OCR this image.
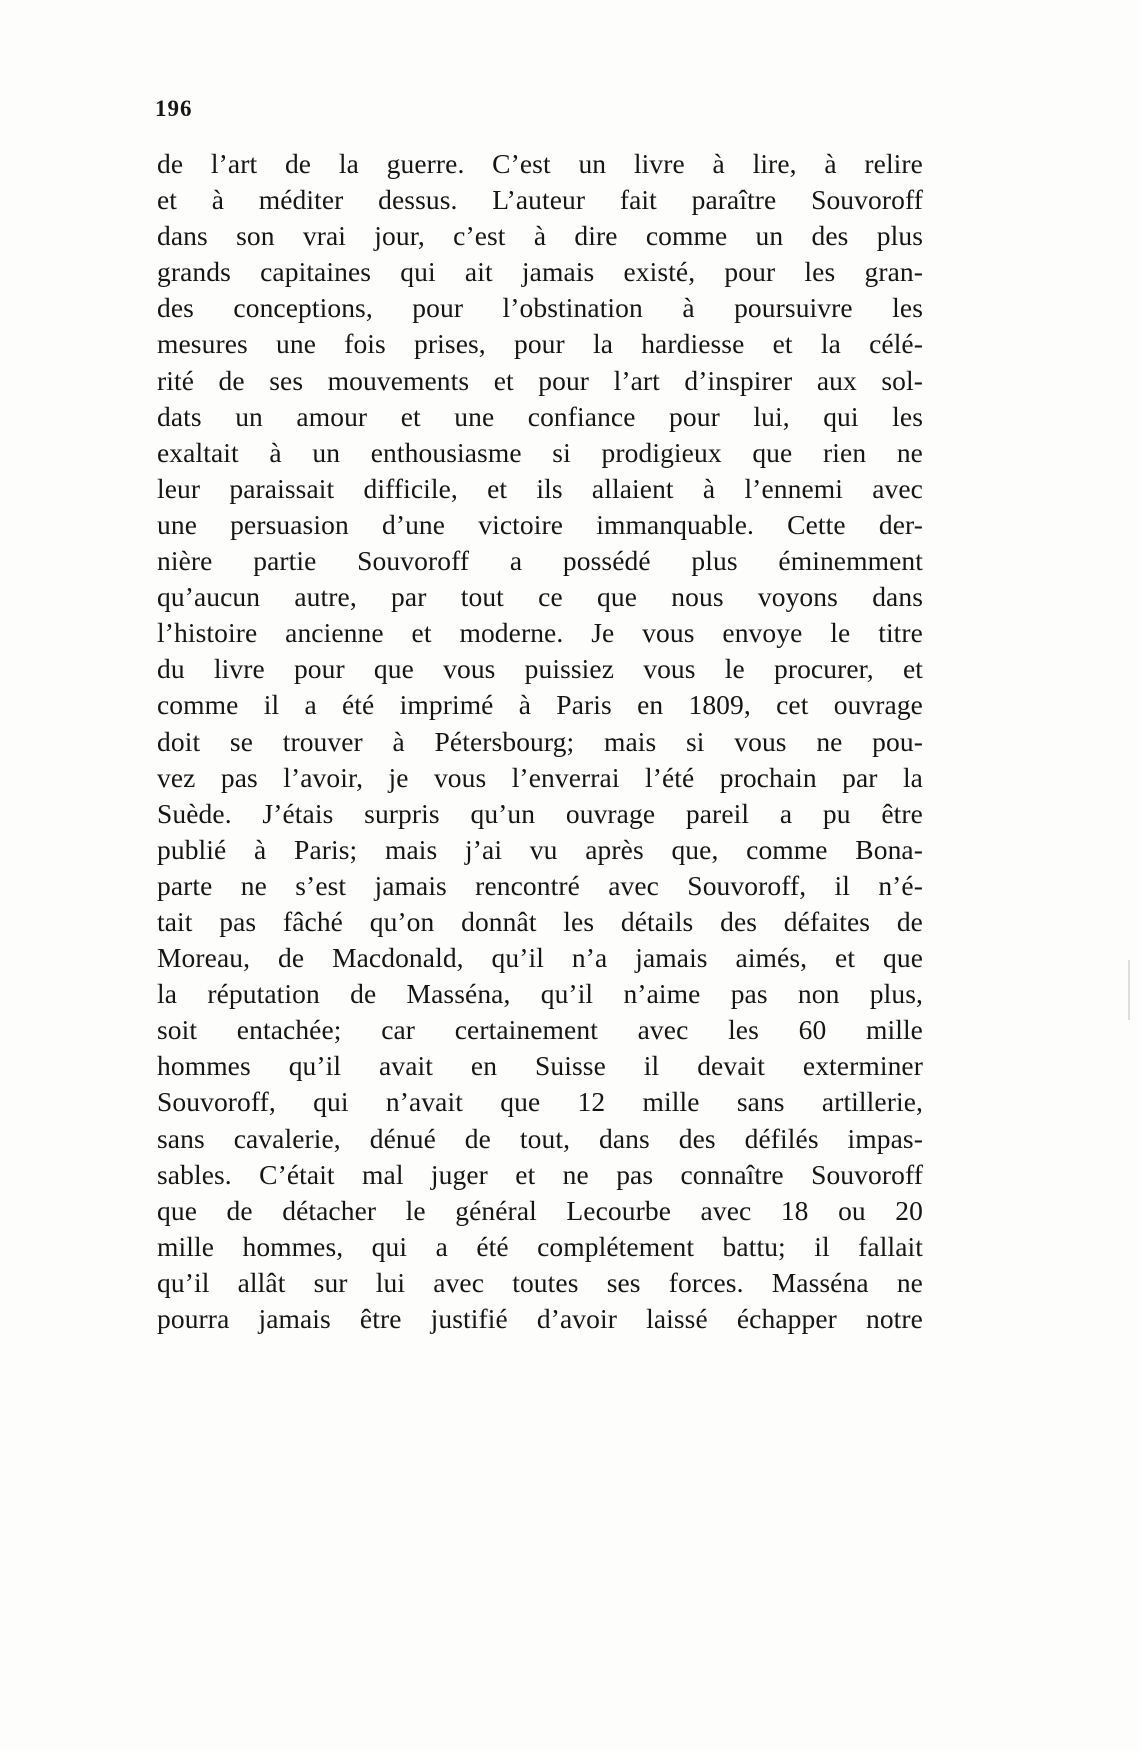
196
de l’art de la guerre. C’est un livre à lire, à relire
et à méditer dessus. L’auteur fait paraître Souvoroff
dans son vrai jour, c’est à dire comme un des plus
grands capitaines qui ait jamais existé, pour les gran-
des conceptions, pour l’obstination à poursuivre les
mesures une fois prises, pour la hardiesse et la célé-
rité de ses mouvements et pour l’art d’inspirer aux sol-
dats un amour et une confiance pour lui, qui les
exaltait à un enthousiasme si prodigieux que rien ne
leur paraissait difficile, et ils allaient à l’ennemi avec
une persuasion d’une victoire immanquable. Cette der-
nière partie Souvoroff a possédé plus éminemment
qu’aucun autre, par tout ce que nous voyons dans
l’histoire ancienne et moderne. Je vous envoye le titre
du livre pour que vous puissiez vous le procurer, et
comme il a été imprimé à Paris en 1809, cet ouvrage
doit se trouver à Pétersbourg; mais si vous ne pou-
vez pas l’avoir, je vous l’enverrai l’été prochain par la
Suède. J’étais surpris qu’un ouvrage pareil a pu être
publié à Paris; mais j’ai vu après que, comme Bona-
parte ne s’est jamais rencontré avec Souvoroff, il n’é-
tait pas fâché qu’on donnât les détails des défaites de
Moreau, de Macdonald, qu’il n’a jamais aimés, et que
la réputation de Masséna, qu’il n’aime pas non plus,
soit entachée; car certainement avec les 60 mille
hommes qu’il avait en Suisse il devait exterminer
Souvoroff, qui n’avait que 12 mille sans artillerie,
sans cavalerie, dénué de tout, dans des défilés impas-
sables. C’était mal juger et ne pas connaître Souvoroff
que de détacher le général Lecourbe avec 18 ou 20
mille hommes, qui a été complétement battu; il fallait
qu’il allât sur lui avec toutes ses forces. Masséna ne
pourra jamais être justifié d’avoir laissé échapper notre
